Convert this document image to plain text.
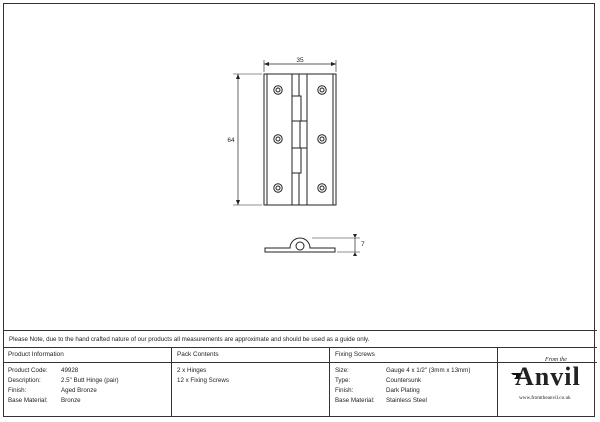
35
64
7
Please Note, due to the hand crafted nature of our products all measurements are approximate and should be used as a guide only.
Product Information
Product Code: 49928
Description:	2.5" Butt Hinge (pair)
Finish:	Aged Bronze
Base Material: Bronze
Pack Contents
2 x Hinges
12 x Fixing Screws
Fixing Screws
Size:	Gauge 4 x 1/2" (3mm x 13mm)
Type:	Countersunk
Finish:	Dark Plating
Base Material: Stainless Steel
From the
Anvil
www.fromtheanvil.co.uk
